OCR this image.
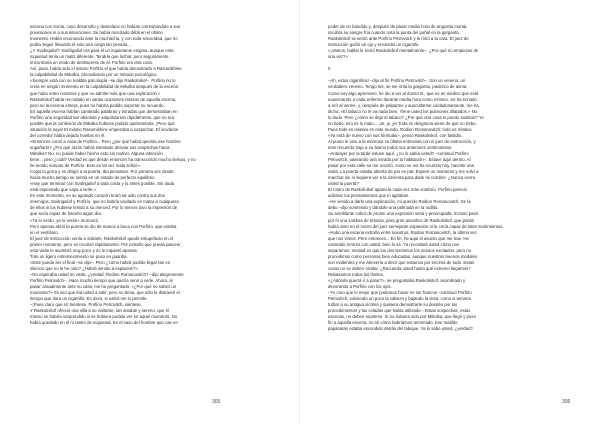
escena con Sonia, cuyo desarrollo y desenlace no habían correspondido a sus
previsiones ni a sus intenciones. Se había mostrado débil en el último
momento. Había reconocido ante la muchacha, y con toda sinceridad, que no
podía seguir llevando él solo una carga tan pesada...
¿Y Svidrigailof? Svidrigailof era para él un inquietante enigma, aunque esta
inquietud tenía un matiz diferente. Tendría que luchar, pero seguramente
encontraría un modo de deshacerse de él. Porfirio era otra cosa.
Así, pues, había sido el mismo Porfirio el que había demostrado a Rasumikhine
la culpabilidad de Mikolka, procediendo por un método psicológico.
«Siempre está con su maldita psicología –se dijo Raskolnikof–. Porfirio no lo
creía en ningún momento en la culpabilidad de Mikolka después de la escena
que hubo entre nosotros y que no admite más que una explicación.»
Raskolnikof había recordado en varias ocasiones retazos de aquella escena,
pero no la escena entera, pues no habría podido soportar su recuerdo.
En aquella escena habían cambiado palabras y miradas que demostraban en
Porfirio una seguridad tan absoluta y adquirida tan rápidamente, que no era
posible que la confesión de Mikolka hubiese podido quebrantarla. ¡Pero qué
situación la suya! El mismo Rasumikhine empezaba a sospechar. El incidente
del corredor había dejado huellas en él.
«Entonces corrió a casa de Porfirio... Pero ¿por qué habrá querido ese hombre
engañarlo? ¿Por qué razón habrá intentado desviar sus sospechas hacia
Mikolka? No, no puede haber hecho esto sin motivo. Alguna intención
tiene... pero ¿cuál? Verdad es que desde entonces ha transcurrido mucho tiempo, y no
he tenido noticias de Porfirio. Esto es tal vez mala señal.»
Cogió la gorra y se dirigió a la puerta. Iba pensativo. Por primera vez desde
hacía mucho tiempo se sentía en un estado de perfecto equilibrio.
«Hay que terminar con Svidrigailof a toda costa y lo antes posible. Sin duda
está esperando que vaya a verle.»
En este momento, en su agotado corazón brotó tal odio contra sus dos
enemigos, Svidrigailof y Porfirio, que no habría vacilado en matar a cualquiera
de ellos si los hubiese tenido a su merced. Por lo menos tuvo la impresión de
que sería capaz de hacerlo algún día.
«Ya lo verán, ya lo verán» murmuró.
Pero apenas abrió la puerta se dio de manos a boca con Porfirio, que estaba
en el vestíbulo.
El juez de instrucción venía a visitarle. Raskolnikof quedó estupefacto en el
primer momento, pero se recobró rápidamente. Por extraño que pueda parecer,
esta visita le asombró muy poco y no le inquietó apenas.
Tras un ligero estremecimiento se puso en guardia.
«Este puede ser el final –se dijo–. Pero ¿cómo habrá podido llegar tan en
silencio que no le he oído? ¿Habrá venido a espiarme?»
–No esperaba usted mi visita, ¿verdad, Rodion Romanovitch? –dijo alegremente
Porfirio Petrovitch–. Hace mucho tiempo que quería venir a verle. Ahora, al
pasar casualmente ante su casa, me he preguntado: «¿Por qué no subes un
momento?» Ya veo que iba usted a salir; pero no tema, que sólo le distraeré el
tiempo que dura un cigarrillo. En decir, si usted me lo permite.
–¡Pues claro que sí! Siéntese, Porfirio Petrovitch, siéntese.
Y Raskolnikof ofreció una silla a su visitante, tan amable y sereno, que él
mismo se habría sorprendido si se hubiera podido ver en aquel momento. No
había quedado en él ni rastro de inquietud. Es el caso del hombre que cae en

305

poder de un bandido y, después de pasar media hora de angustia mortal,
recobra su sangre fría cuando nota la punta del puñal en la garganta.
Raskolnikof se sentó ante Porfirio Petrovitch y le miró a la cara. El juez de
instrucción guiñó un ojo y encendió un cigarrillo.
«¡Vamos, habla! le incitó Raskolnikof mentalmente–. ¿Por qué no empiezas de
una vez?»

II

–Ah, estos cigarrillos! –dijo al fin Porfirio Petrovitch–. Son un veneno, un
verdadero veneno. Tengo tos, se me irrita la garganta, padezco de asma.
Como soy algo aprensivo, he ido a ver al doctor B., que es un médico que está
examinando a cada enfermo durante media hora como mínimo. Se ha echado
a reír al verme, y, después de palparme y auscultarme cuidadosamente, me ha
dicho: «El tabaco no le va nada bien. Tiene usted los pulmones dilatados.» No
lo dudo. Pero ¿cómo se deja el tabaco? ¿Por qué otra cosa lo puedo sustituir? Yo
no bebo: eso es lo malo... ¡Je, je, je! Toda mi desgracia viene de que no bebo.
Pues todo es relativo en este mundo, Rodion Romanovitch; todo es relativo.
«Ya está de nuevo con sus fórmulas», pensó Raskolnikof, con fastidio.
Al punto le vino a la memoria su última entrevista con el juez de instrucción, y
este recuerdo trajo a su ánimo todos sus anteriores sentimientos.
–Anteayer por la tarde estuve aquí, ¿no lo sabía usted? –continuó Porfirio
Petrovitch, paseando una mirada por la habitación–. Estuve aquí dentro. Al
pasar por esta calle se me ocurrió, como se me ha ocurrido hoy, hacerle una
visita. La puerta estaba abierta de par en par. Esperé un momento y me volví a
marchar sin ni siquiera ver a la sirvienta para darle mi nombre. ¿Nunca cierra
usted la puerta?
El rostro de Raskolnikof aparecía cada vez más sombrío. Porfirio pareció
adivinar los pensamientos que lo agitaban.
–He venido a darle una explicación, mi querido Rodion Romanovitch. Se la
debo –dijo sonriendo y dándole una palmada en la rodilla.
Su semblante cobró de pronto una expresión seria y preocupada. Incluso pasó
por él una sombra de tristeza, para gran asombro de Raskolnikof, que jamás
había visto en el rostro del juez semejante expresión ni le creía capaz de tales sentimientos.
–Hubo una escena extraña entre nosotros, Rodion Romanovitch, la última vez
que nos vimos. Pero entonces... En fin, he aquí el asunto que me trae. He
cometido errores con usted, bien lo sé. Ya recordará usted cómo nos
separamos. Verdad es que los dos teníamos los nervios excitados, pero no
procedimos como personas bien educadas, aunque nuestros buenos modales
son evidentes y me atrevería a decir que estamos por encima de todo. Estas
cosas no se deben olvidar. ¿Recuerda usted hasta qué extremo llegamos?
Rebasamos todos los límites.
«¿Adónde querrá ir a parar?», se preguntaba Raskolnikof, asombrado y
devorando a Porfirio con los ojos.
–Yo creo que lo mejor que podemos hacer es ser francos –continuó Porfirio
Petrovitch, volviendo un poco la cabeza y bajando la vista, como si temiera
turbar a su antigua víctima y quisiera demostrarle su desdén por los
procedimientos y las celadas que había utilizado–. Estas sospechas, estas
escenas, no deben repetirse. Si no hubiera sido por Mikolka, que llegó y puso
fin a aquella escena, no sé cómo habríamos terminado. Ese maldito
papanatas estaba escondido detrás del tabique. Ya lo sabe usted, ¿verdad?

306
